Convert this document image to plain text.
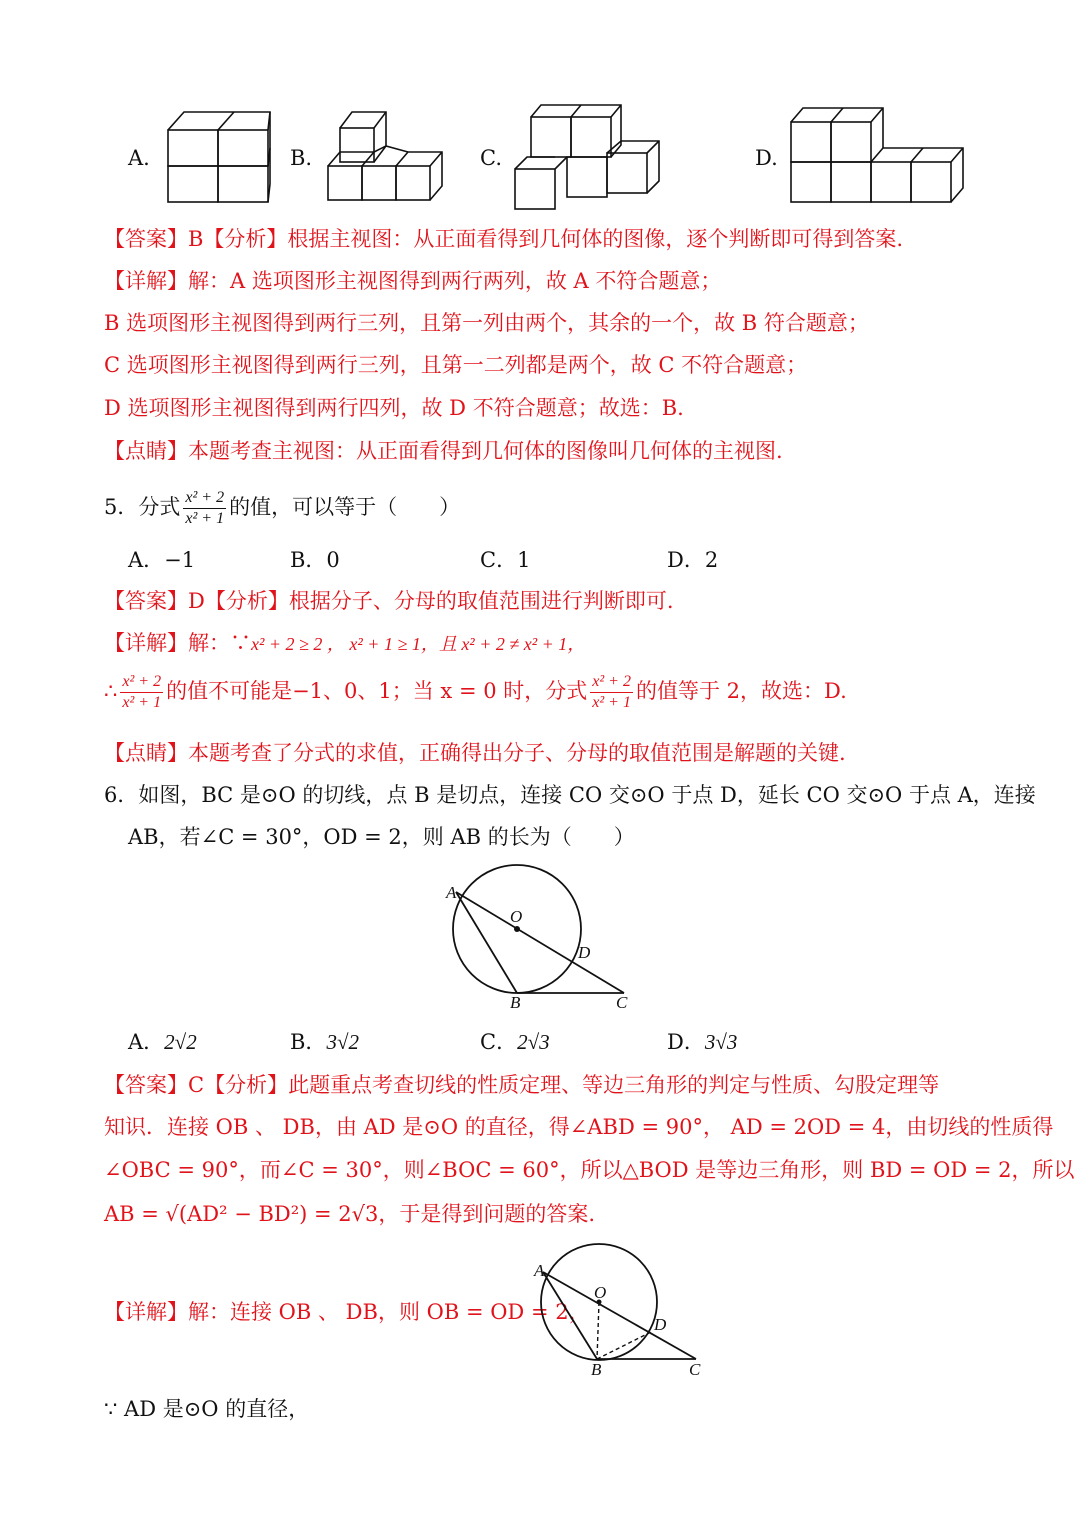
A.	B.	C.	D.
【答案】B【分析】根据主视图：从正面看得到几何体的图像，逐个判断即可得到答案.
【详解】解：A 选项图形主视图得到两行两列，故 A 不符合题意；
B 选项图形主视图得到两行三列，且第一列由两个，其余的一个，故 B 符合题意；
C 选项图形主视图得到两行三列，且第一二列都是两个，故 C 不符合题意；
D 选项图形主视图得到两行四列，故 D 不符合题意；故选：B.
【点睛】本题考查主视图：从正面看得到几何体的图像叫几何体的主视图.
5．分式 $\frac{\text{x² + 2}}{\text{x² + 1}}$ 的值，可以等于（　　）
A．−1	B．0	C．1	D．2
【答案】D【分析】根据分子、分母的取值范围进行判断即可.
【详解】解：∵x² + 2 ≥ 2 ， x² + 1 ≥ 1，且 x² + 2 ≠ x² + 1，
∴ $\frac{\text{x² + 2}}{\text{x² + 1}}$ 的值不可能是−1、0、1；当 x = 0 时，分式 $\frac{\text{x² + 2}}{\text{x² + 1}}$ 的值等于 2，故选：D.
【点睛】本题考查了分式的求值，正确得出分子、分母的取值范围是解题的关键.
6．如图，BC 是⊙O 的切线，点 B 是切点，连接 CO 交⊙O 于点 D，延长 CO 交⊙O 于点 A，连接
AB，若∠C = 30°，OD = 2，则 AB 的长为（　　）
A
O
D
B	C
A．2√2	B．3√2	C．2√3	D．3√3
【答案】C【分析】此题重点考查切线的性质定理、等边三角形的判定与性质、勾股定理等
知识．连接 OB 、 DB，由 AD 是⊙O 的直径，得∠ABD = 90°， AD = 2OD = 4，由切线的性质得
∠OBC = 90°，而∠C = 30°，则∠BOC = 60°，所以△BOD 是等边三角形，则 BD = OD = 2，所以
AB = √(AD² − BD²) = 2√3，于是得到问题的答案.
【详解】解：连接 OB 、 DB，则 OB = OD = 2，
A
O
D
B	C
∵ AD 是⊙O 的直径，
